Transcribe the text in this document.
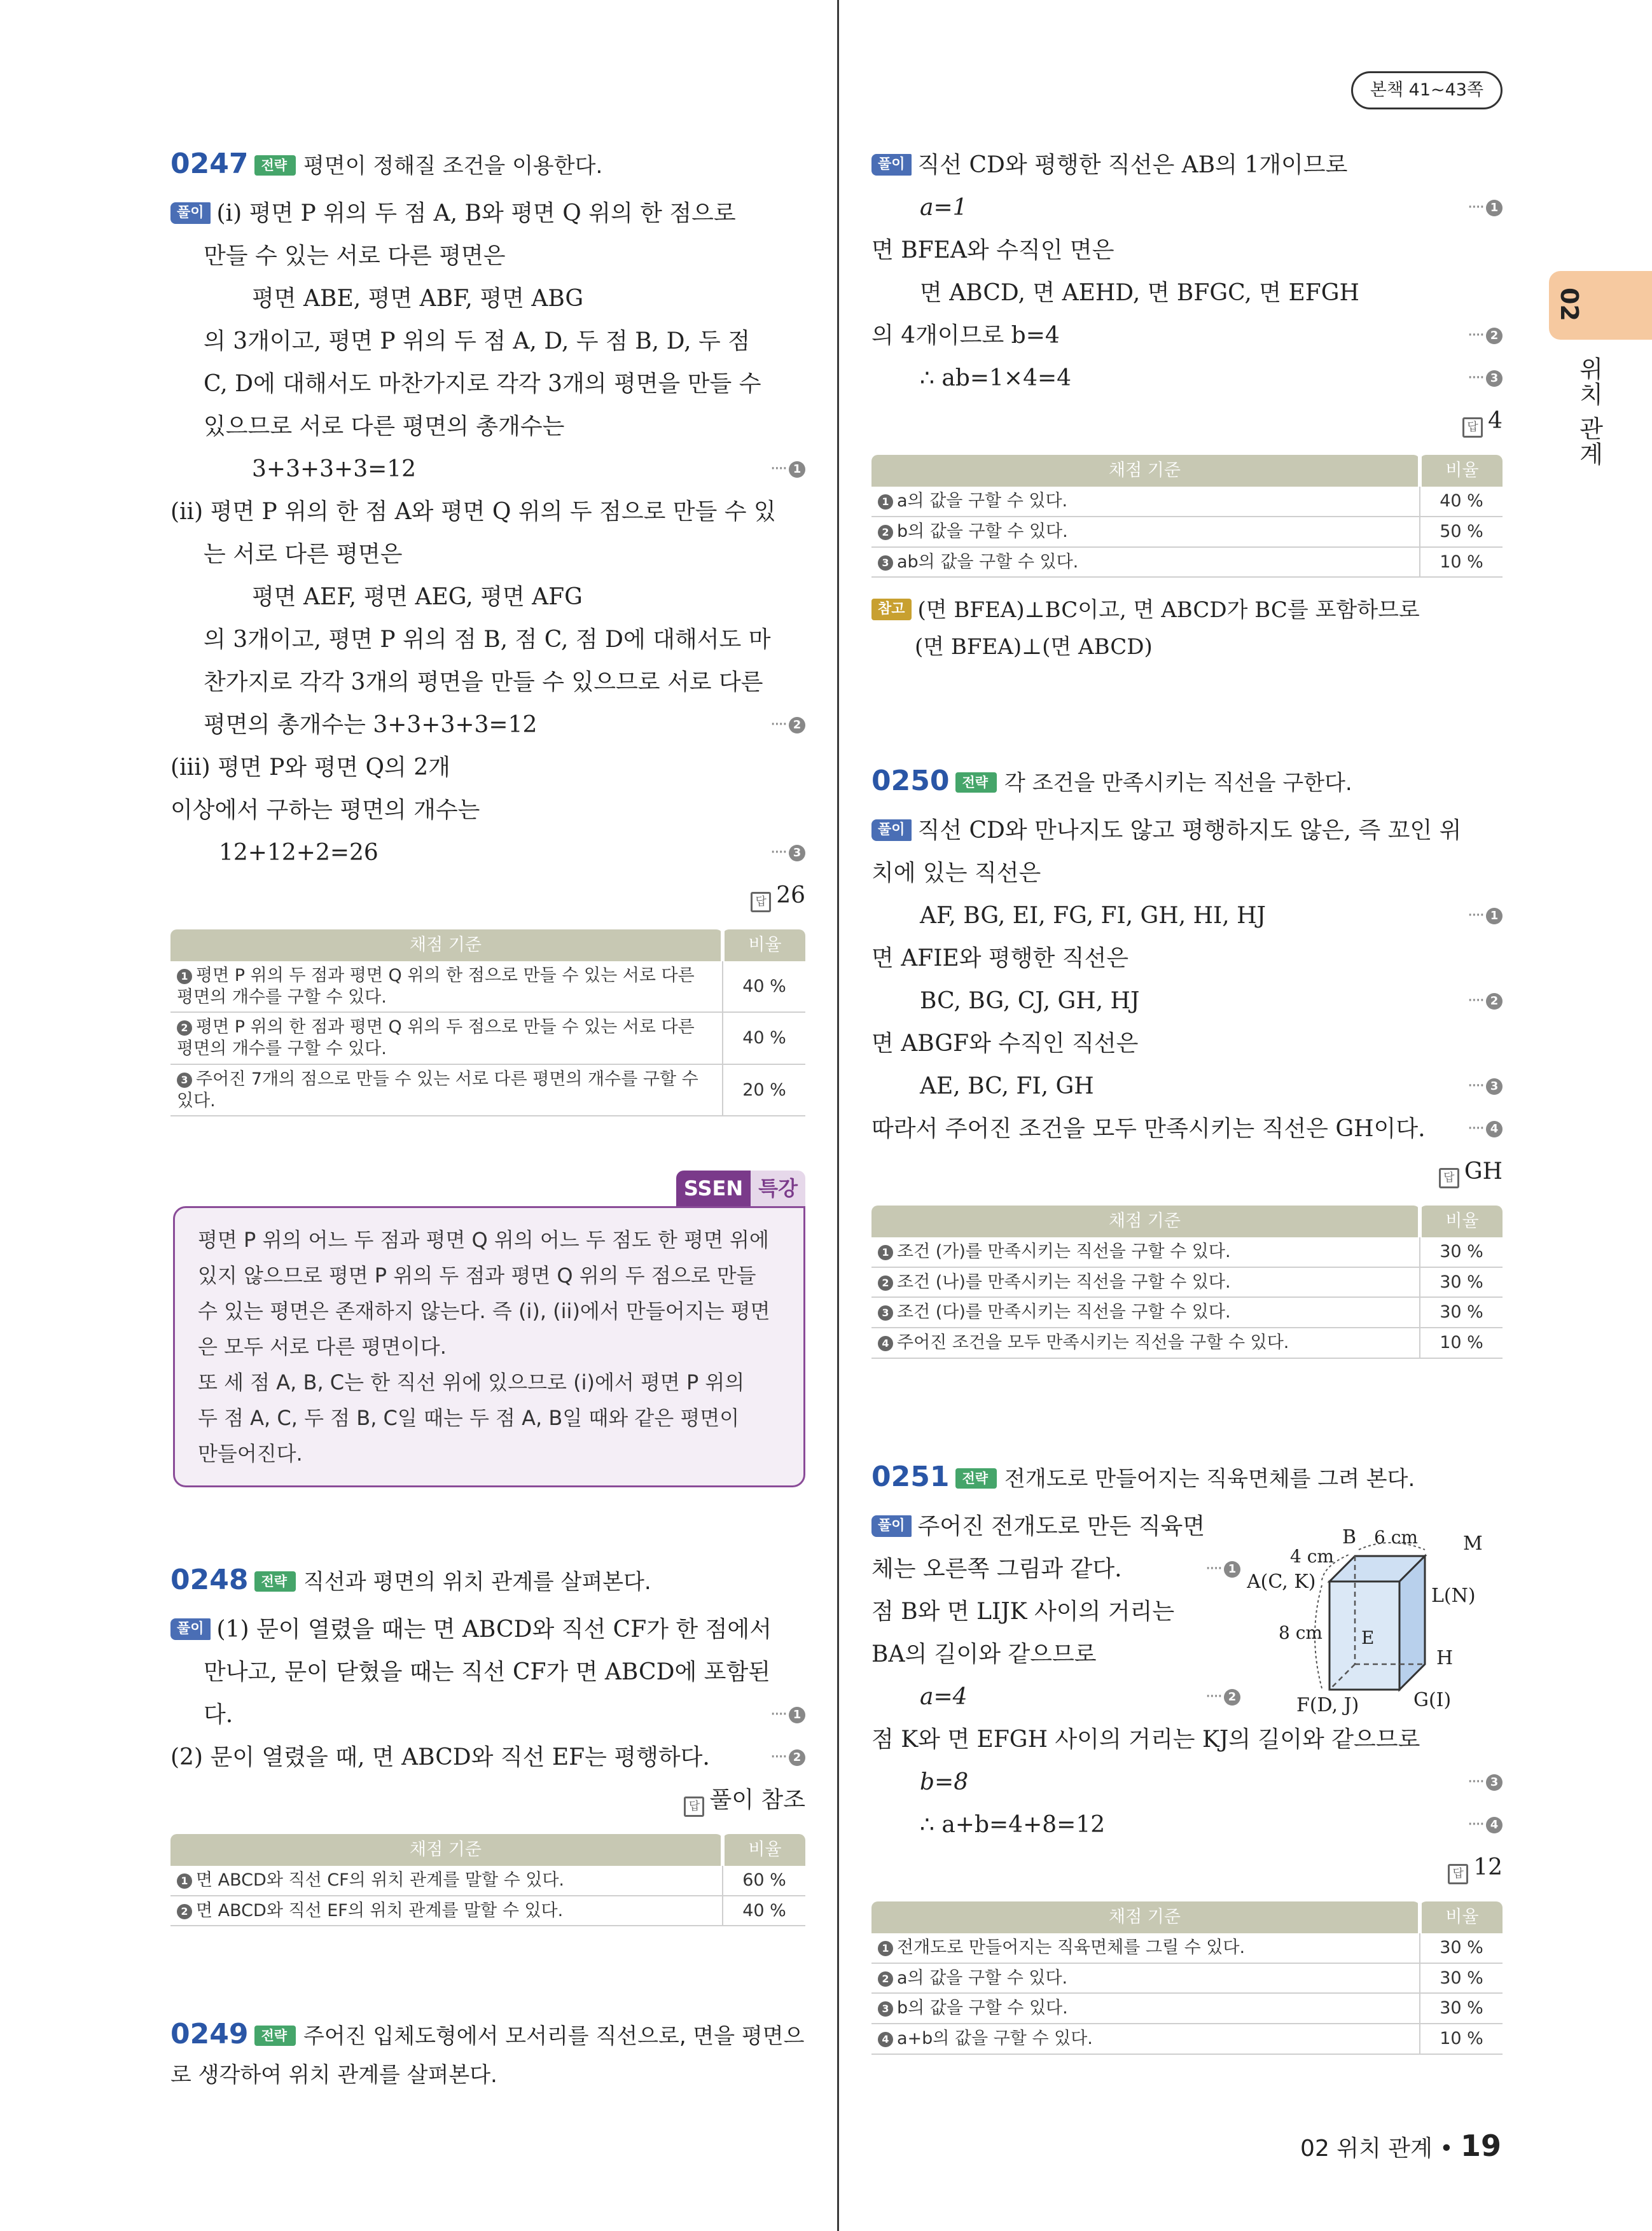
본책 41~43쪽
02
위치 관계
0247 전략 평면이 정해질 조건을 이용한다.
풀이 (i) 평면 P 위의 두 점 A, B와 평면 Q 위의 한 점으로
만들 수 있는 서로 다른 평면은
평면 ABE, 평면 ABF, 평면 ABG
의 3개이고, 평면 P 위의 두 점 A, D, 두 점 B, D, 두 점
C, D에 대해서도 마찬가지로 각각 3개의 평면을 만들 수
있으므로 서로 다른 평면의 총개수는
3+3+3+3=12	···· 1
(ii) 평면 P 위의 한 점 A와 평면 Q 위의 두 점으로 만들 수 있
는 서로 다른 평면은
평면 AEF, 평면 AEG, 평면 AFG
의 3개이고, 평면 P 위의 점 B, 점 C, 점 D에 대해서도 마
찬가지로 각각 3개의 평면을 만들 수 있으므로 서로 다른
평면의 총개수는 3+3+3+3=12	···· 2
(iii) 평면 P와 평면 Q의 2개
이상에서 구하는 평면의 개수는
12+12+2=26	···· 3
답 26
채점 기준	비율
1 평면 P 위의 두 점과 평면 Q 위의 한 점으로 만들 수 있는 서로 다른 평면의 개수를 구할 수 있다.	40 %
2 평면 P 위의 한 점과 평면 Q 위의 두 점으로 만들 수 있는 서로 다른 평면의 개수를 구할 수 있다.	40 %
3 주어진 7개의 점으로 만들 수 있는 서로 다른 평면의 개수를 구할 수 있다.	20 %
SSEN 특강
평면 P 위의 어느 두 점과 평면 Q 위의 어느 두 점도 한 평면 위에
있지 않으므로 평면 P 위의 두 점과 평면 Q 위의 두 점으로 만들
수 있는 평면은 존재하지 않는다. 즉 (i), (ii)에서 만들어지는 평면
은 모두 서로 다른 평면이다.
또 세 점 A, B, C는 한 직선 위에 있으므로 (i)에서 평면 P 위의
두 점 A, C, 두 점 B, C일 때는 두 점 A, B일 때와 같은 평면이
만들어진다.
0248 전략 직선과 평면의 위치 관계를 살펴본다.
풀이 (1) 문이 열렸을 때는 면 ABCD와 직선 CF가 한 점에서
만나고, 문이 닫혔을 때는 직선 CF가 면 ABCD에 포함된
다.	···· 1
(2) 문이 열렸을 때, 면 ABCD와 직선 EF는 평행하다.	···· 2
답 풀이 참조
채점 기준	비율
1 면 ABCD와 직선 CF의 위치 관계를 말할 수 있다.	60 %
2 면 ABCD와 직선 EF의 위치 관계를 말할 수 있다.	40 %
0249 전략 주어진 입체도형에서 모서리를 직선으로, 면을 평면으
로 생각하여 위치 관계를 살펴본다.
풀이 직선 CD와 평행한 직선은 AB의 1개이므로
a=1	···· 1
면 BFEA와 수직인 면은
면 ABCD, 면 AEHD, 면 BFGC, 면 EFGH
의 4개이므로 b=4	···· 2
∴ ab=1×4=4	···· 3
답 4
채점 기준	비율
1 a의 값을 구할 수 있다.	40 %
2 b의 값을 구할 수 있다.	50 %
3 ab의 값을 구할 수 있다.	10 %
참고 (면 BFEA)⊥BC이고, 면 ABCD가 BC를 포함하므로
(면 BFEA)⊥(면 ABCD)
0250 전략 각 조건을 만족시키는 직선을 구한다.
풀이 직선 CD와 만나지도 않고 평행하지도 않은, 즉 꼬인 위
치에 있는 직선은
AF, BG, EI, FG, FI, GH, HI, HJ	···· 1
면 AFIE와 평행한 직선은
BC, BG, CJ, GH, HJ	···· 2
면 ABGF와 수직인 직선은
AE, BC, FI, GH	···· 3
따라서 주어진 조건을 모두 만족시키는 직선은 GH이다.	···· 4
답 GH
채점 기준	비율
1 조건 (가)를 만족시키는 직선을 구할 수 있다.	30 %
2 조건 (나)를 만족시키는 직선을 구할 수 있다.	30 %
3 조건 (다)를 만족시키는 직선을 구할 수 있다.	30 %
4 주어진 조건을 모두 만족시키는 직선을 구할 수 있다.	10 %
0251 전략 전개도로 만들어지는 직육면체를 그려 본다.
풀이 주어진 전개도로 만든 직육면
체는 오른쪽 그림과 같다.	···· 1
점 B와 면 LIJK 사이의 거리는
BA의 길이와 같으므로
a=4	···· 2
점 K와 면 EFGH 사이의 거리는 KJ의 길이와 같으므로
b=8	···· 3
∴ a+b=4+8=12	···· 4
답 12
B 6 cm M
4 cm
A(C, K)
L(N)
8 cm E
H
F(D, J)	G(I)
채점 기준	비율
1 전개도로 만들어지는 직육면체를 그릴 수 있다.	30 %
2 a의 값을 구할 수 있다.	30 %
3 b의 값을 구할 수 있다.	30 %
4 a+b의 값을 구할 수 있다.	10 %
02 위치 관계 • 19
